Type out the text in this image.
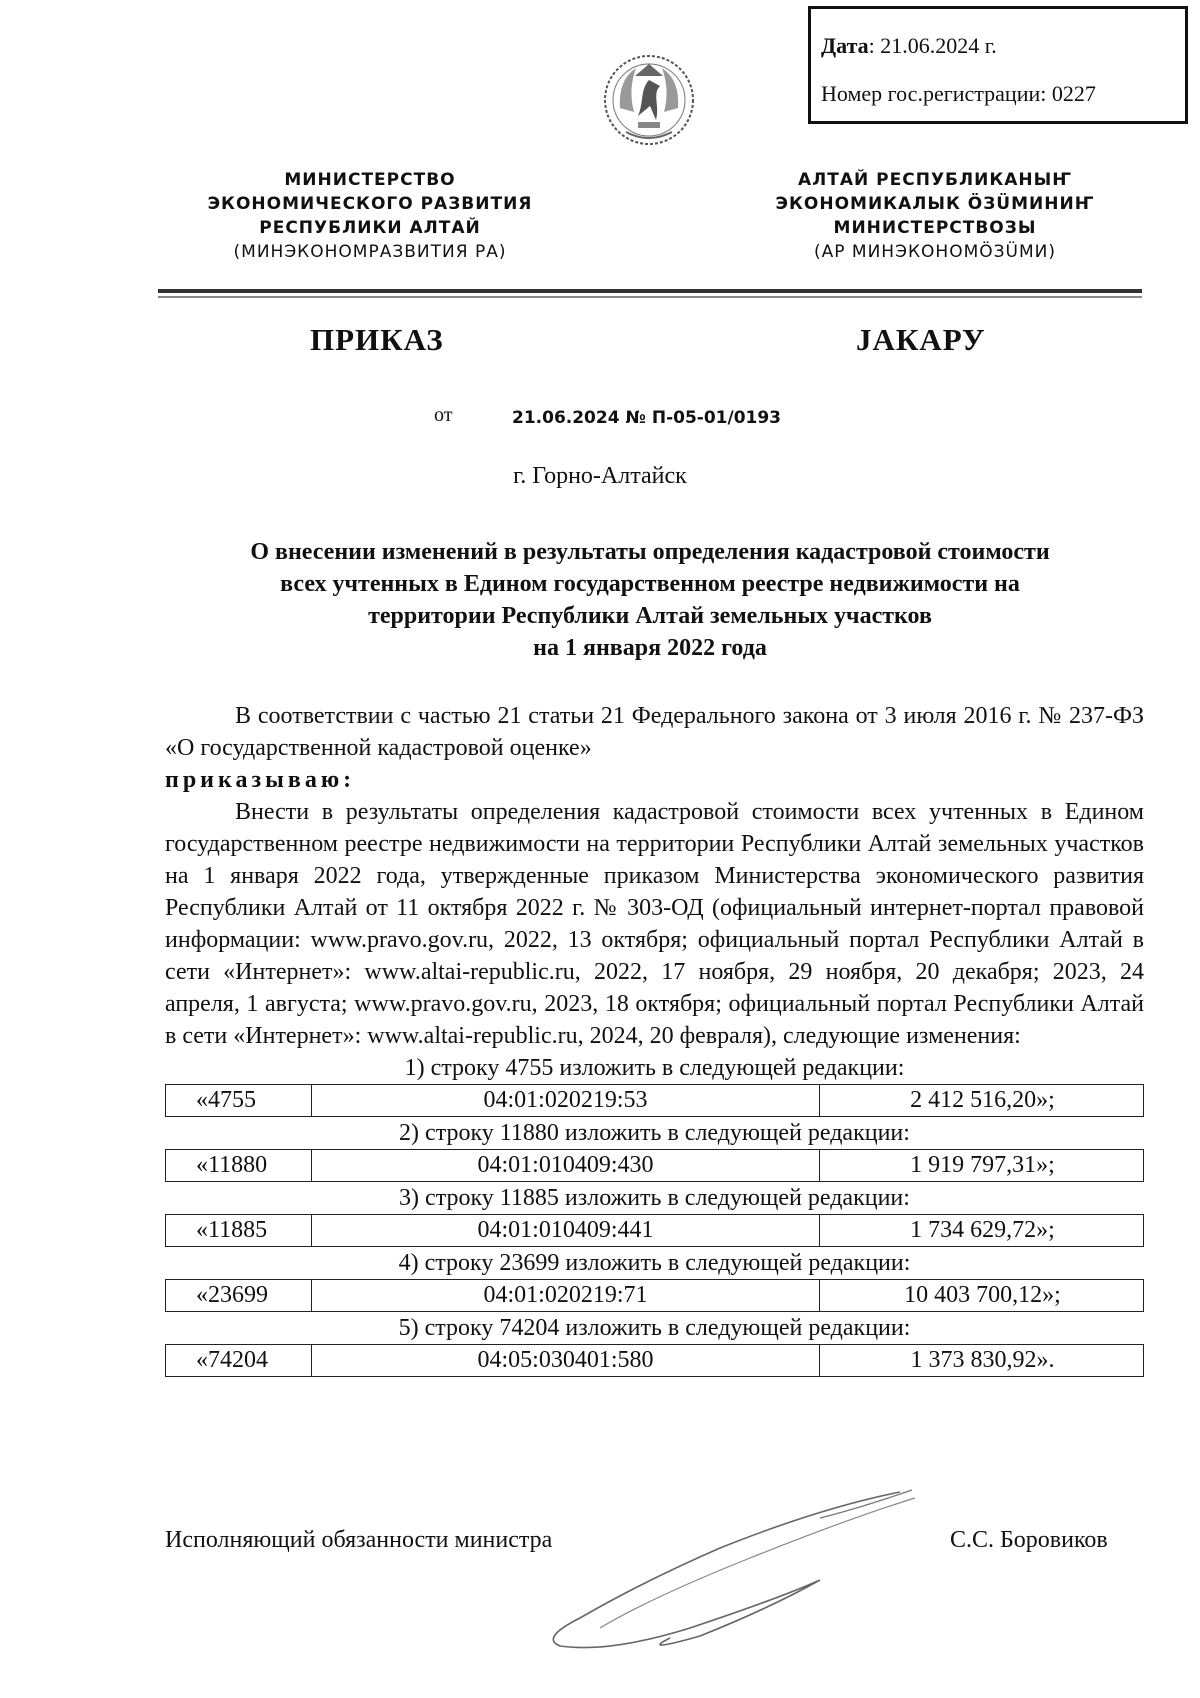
Дата: 21.06.2024 г.
Номер гос.регистрации: 0227
МИНИСТЕРСТВО
ЭКОНОМИЧЕСКОГО РАЗВИТИЯ
РЕСПУБЛИКИ АЛТАЙ
(МИНЭКОНОМРАЗВИТИЯ РА)
АЛТАЙ РЕСПУБЛИКАНЫҤ
ЭКОНОМИКАЛЫК ÖЗÜМИНИҤ
МИНИСТЕРСТВОЗЫ
(АР МИНЭКОНОМÖЗÜМИ)
ПРИКАЗ	JАКАРУ
от	21.06.2024 № П-05-01/0193
г. Горно-Алтайск
О внесении изменений в результаты определения кадастровой стоимости
всех учтенных в Едином государственном реестре недвижимости на
территории Республики Алтай земельных участков
на 1 января 2022 года

В соответствии с частью 21 статьи 21 Федерального закона от 3 июля 2016 г. № 237-ФЗ «О государственной кадастровой оценке»

приказываю:

Внести в результаты определения кадастровой стоимости всех учтенных в Едином государственном реестре недвижимости на территории Республики Алтай земельных участков на 1 января 2022 года, утвержденные приказом Министерства экономического развития Республики Алтай от 11 октября 2022 г. № 303-ОД (официальный интернет-портал правовой информации: www.pravo.gov.ru, 2022, 13 октября; официальный портал Республики Алтай в сети «Интернет»: www.altai-republic.ru, 2022, 17 ноября, 29 ноября, 20 декабря; 2023, 24 апреля, 1 августа; www.pravo.gov.ru, 2023, 18 октября; официальный портал Республики Алтай в сети «Интернет»: www.altai-republic.ru, 2024, 20 февраля), следующие изменения:

1) строку 4755 изложить в следующей редакции:
«4755	04:01:020219:53	2 412 516,20»;
2) строку 11880 изложить в следующей редакции:
«11880	04:01:010409:430	1 919 797,31»;
3) строку 11885 изложить в следующей редакции:
«11885	04:01:010409:441	1 734 629,72»;
4) строку 23699 изложить в следующей редакции:
«23699	04:01:020219:71	10 403 700,12»;
5) строку 74204 изложить в следующей редакции:
«74204	04:05:030401:580	1 373 830,92».
Исполняющий обязанности министра	С.С. Боровиков
